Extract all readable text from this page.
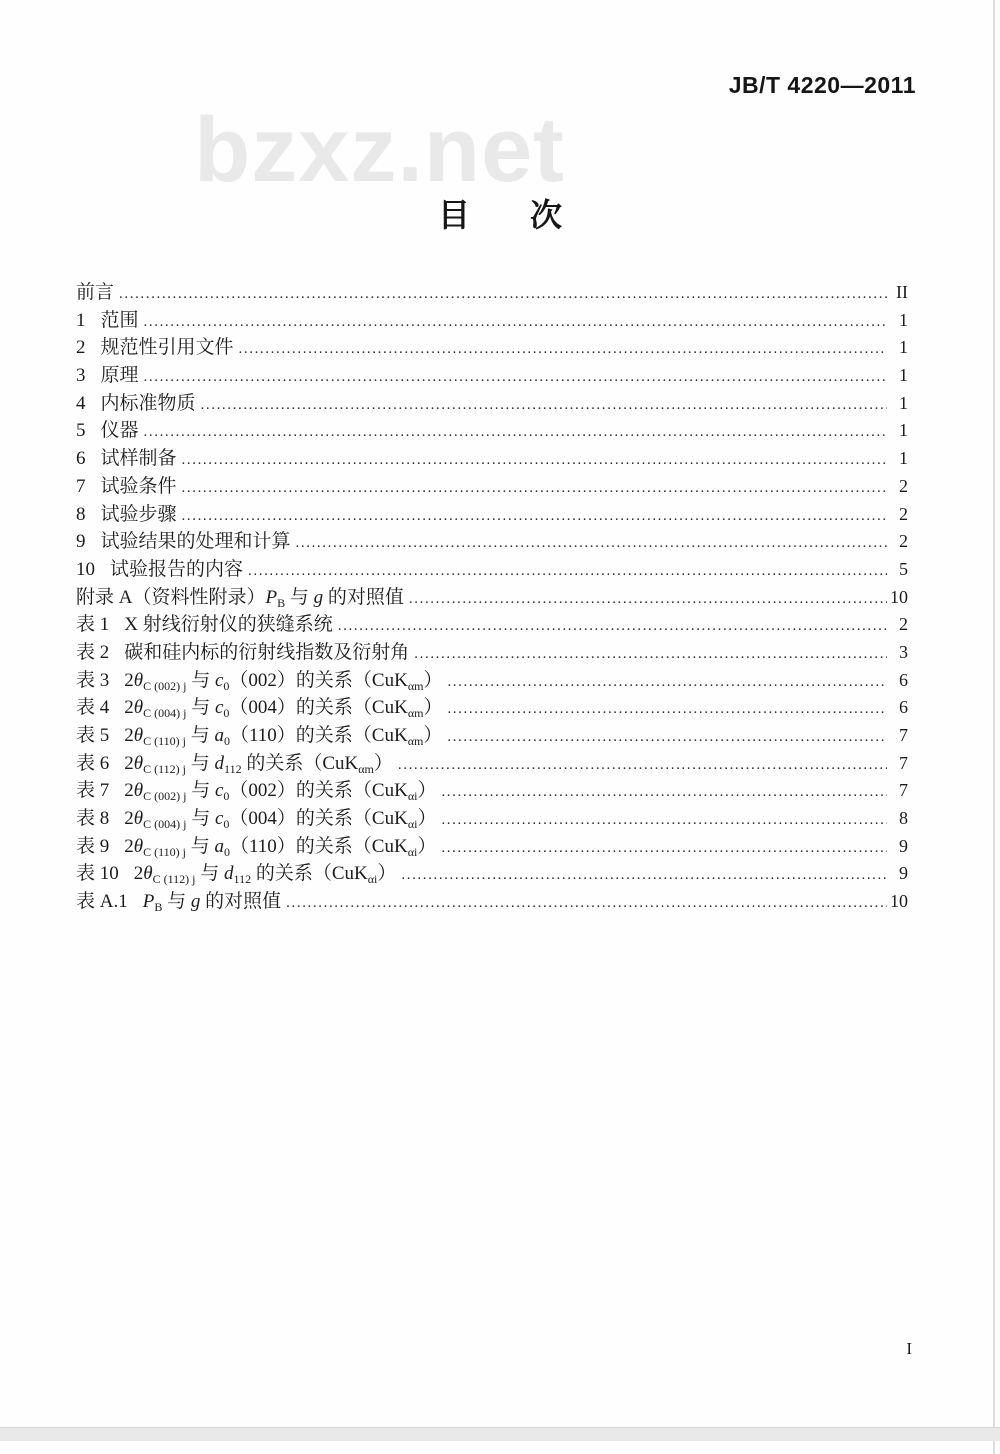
bzxz.net
JB/T 4220—2011
目　次
前言 .....	II
1 范围 .....	1
2 规范性引用文件 .....	1
3 原理 .....	1
4 内标准物质 .....	1
5 仪器 .....	1
6 试样制备 .....	1
7 试验条件 .....	2
8 试验步骤 .....	2
9 试验结果的处理和计算 .....	2
10 试验报告的内容 .....	5
附录 A（资料性附录）$P_B$ 与 g 的对照值 .....	10
表 1 X 射线衍射仪的狭缝系统 .....	2
表 2 碳和硅内标的衍射线指数及衍射角 .....	3
表 3 $2\theta_{C (002) j}$ 与 $c_0(002)$的关系（CuK$_{\alpha m}$） .....	6
表 4 $2\theta_{C (004) j}$ 与 $c_0(004)$的关系（CuK$_{\alpha m}$） .....	6
表 5 $2\theta_{C (110) j}$ 与 $a_0(110)$的关系（CuK$_{\alpha m}$） .....	7
表 6 $2\theta_{C (112) j}$ 与 $d_{112}$ 的关系（CuK$_{\alpha m}$） .....	7
表 7 $2\theta_{C (002) j}$ 与 $c_0(002)$的关系（CuK$_{\alpha i}$） .....	7
表 8 $2\theta_{C (004) j}$ 与 $c_0(004)$的关系（CuK$_{\alpha i}$） .....	8
表 9 $2\theta_{C (110) j}$ 与 $a_0(110)$的关系（CuK$_{\alpha i}$） .....	9
表 10 $2\theta_{C (112) j}$ 与 $d_{112}$ 的关系（CuK$_{\alpha i}$） .....	9
表 A.1 $P_B$ 与 g 的对照值 .....	10
I
